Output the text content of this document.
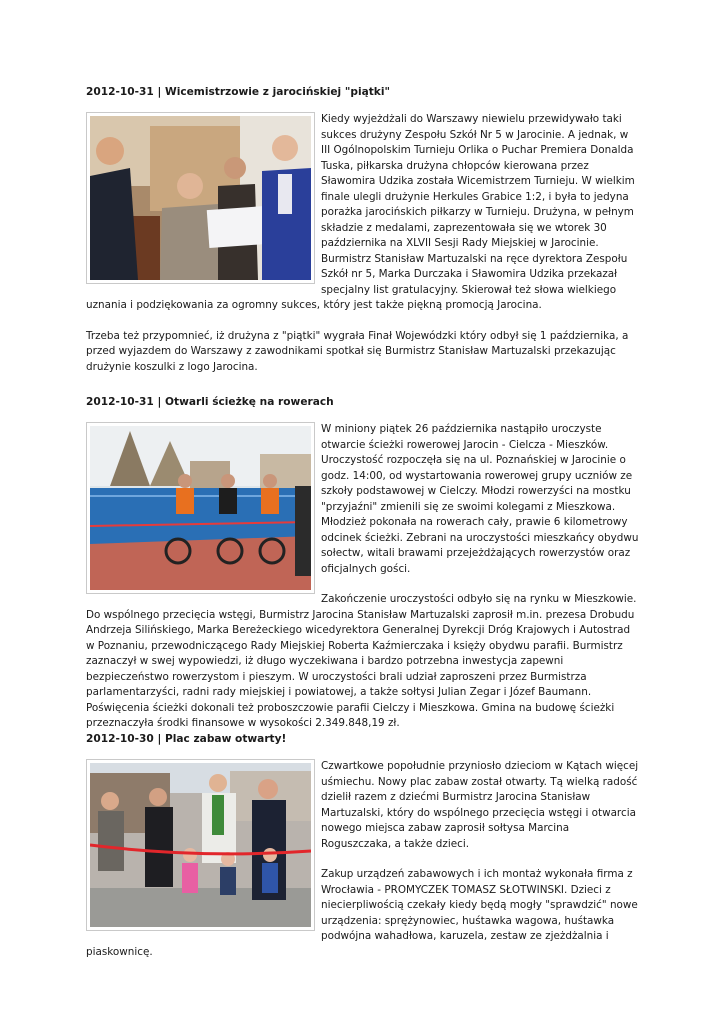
2012-10-31 | Wicemistrzowie z jarocińskiej "piątki"

Kiedy wyjeżdżali do Warszawy niewielu przewidywało taki sukces drużyny Zespołu Szkół Nr 5 w Jarocinie. A jednak, w III Ogólnopolskim Turnieju Orlika o Puchar Premiera Donalda Tuska, piłkarska drużyna chłopców kierowana przez Sławomira Udzika została Wicemistrzem Turnieju. W wielkim finale ulegli drużynie Herkules Grabice 1:2, i była to jedyna porażka jarocińskich piłkarzy w Turnieju. Drużyna, w pełnym składzie z medalami, zaprezentowała się we wtorek 30 października na XLVII Sesji Rady Miejskiej w Jarocinie. Burmistrz Stanisław Martuzalski na ręce dyrektora Zespołu Szkół nr 5, Marka Durczaka i Sławomira Udzika przekazał specjalny list gratulacyjny. Skierował też słowa wielkiego uznania i podziękowania za ogromny sukces, który jest także piękną promocją Jarocina.

Trzeba też przypomnieć, iż drużyna z "piątki" wygrała Finał Wojewódzki który odbył się 1 października, a przed wyjazdem do Warszawy z zawodnikami spotkał się Burmistrz Stanisław Martuzalski przekazując drużynie koszulki z logo Jarocina.

2012-10-31 | Otwarli ścieżkę na rowerach

W miniony piątek 26 października nastąpiło uroczyste otwarcie ścieżki rowerowej Jarocin - Cielcza - Mieszków. Uroczystość rozpoczęła się na ul. Poznańskiej w Jarocinie o godz. 14:00, od wystartowania rowerowej grupy uczniów ze szkoły podstawowej w Cielczy. Młodzi rowerzyści na mostku "przyjaźni" zmienili się ze swoimi kolegami z Mieszkowa. Młodzież pokonała na rowerach cały, prawie 6 kilometrowy odcinek ścieżki. Zebrani na uroczystości mieszkańcy obydwu sołectw, witali brawami przejeżdżających rowerzystów oraz oficjalnych gości.

Zakończenie uroczystości odbyło się na rynku w Mieszkowie. Do wspólnego przecięcia wstęgi, Burmistrz Jarocina Stanisław Martuzalski zaprosił m.in. prezesa Drobudu Andrzeja Silińskiego, Marka Bereżeckiego wicedyrektora Generalnej Dyrekcji Dróg Krajowych i Autostrad w Poznaniu, przewodniczącego Rady Miejskiej Roberta Kaźmierczaka i księży obydwu parafii. Burmistrz zaznaczył w swej wypowiedzi, iż długo wyczekiwana i bardzo potrzebna inwestycja zapewni bezpieczeństwo rowerzystom i pieszym. W uroczystości brali udział zaproszeni przez Burmistrza parlamentarzyści, radni rady miejskiej i powiatowej, a także sołtysi Julian Zegar i Józef Baumann. Poświęcenia ścieżki dokonali też proboszczowie parafii Cielczy i Mieszkowa. Gmina na budowę ścieżki przeznaczyła środki finansowe w wysokości 2.349.848,19 zł.

2012-10-30 | Plac zabaw otwarty!

Czwartkowe popołudnie przyniosło dzieciom w Kątach więcej uśmiechu. Nowy plac zabaw został otwarty. Tą wielką radość dzielił razem z dziećmi Burmistrz Jarocina Stanisław Martuzalski, który do wspólnego przecięcia wstęgi i otwarcia nowego miejsca zabaw zaprosił sołtysa Marcina Roguszczaka, a także dzieci.

Zakup urządzeń zabawowych i ich montaż wykonała firma z Wrocławia - PROMYCZEK TOMASZ SŁOTWINSKI. Dzieci z niecierpliwością czekały kiedy będą mogły "sprawdzić" nowe urządzenia: sprężynowiec, huśtawka wagowa, huśtawka podwójna wahadłowa, karuzela, zestaw ze zjeżdżalnia i piaskownicę.
